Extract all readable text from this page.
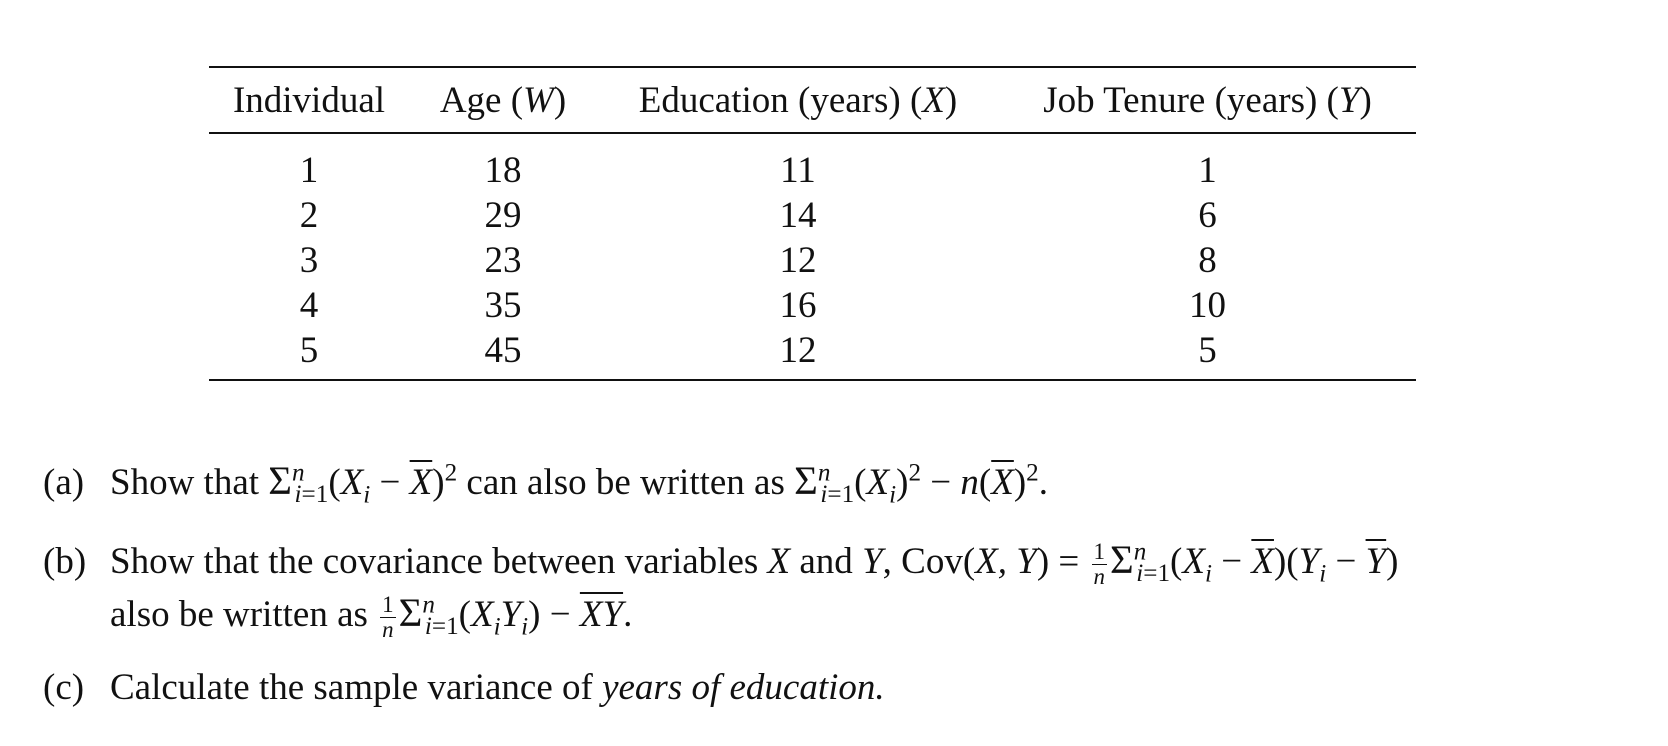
Individual	Age (W)	Education (years) (X)	Job Tenure (years) (Y)
1	18	11	1
2	29	14	6
3	23	12	8
4	35	16	10
5	45	12	5
(a) Show that $\Sigma^n_{i=1}(X_i - \overline{X})^2$ can also be written as $\Sigma^n_{i=1}(X_i)^2 - n(\overline{X})^2$.
(b) Show that the covariance between variables X and Y, Cov(X, $Y) = \frac{1}{n} \Sigma^n_{i=1}(X_i - \overline{X})(Y_i - \overline{Y})$
also be written as $\frac{1}{n} \Sigma^n_{i=1}(X_iY_i) - \overline{XY}$.
(c) Calculate the sample variance of years of education.
